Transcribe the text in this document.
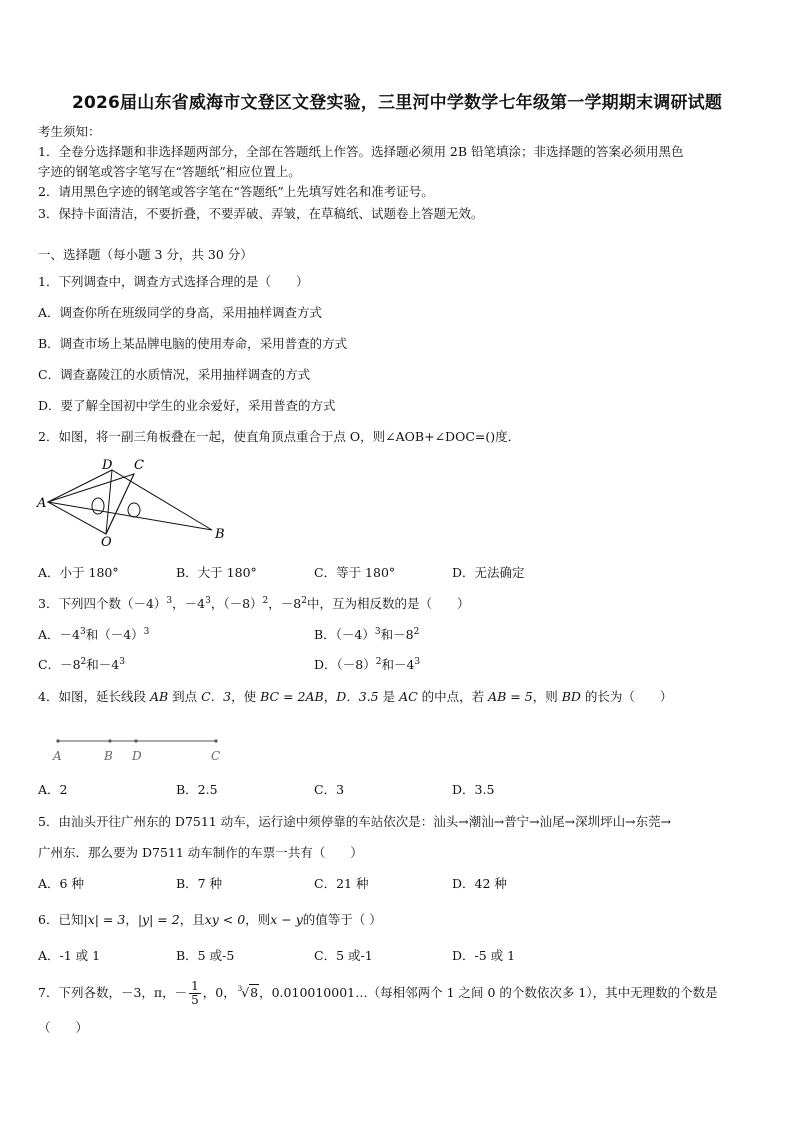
2026届山东省威海市文登区文登实验，三里河中学数学七年级第一学期期末调研试题
考生须知：
1．全卷分选择题和非选择题两部分，全部在答题纸上作答。选择题必须用 2B 铅笔填涂；非选择题的答案必须用黑色
字迹的钢笔或答字笔写在“答题纸”相应位置上。
2．请用黑色字迹的钢笔或答字笔在“答题纸”上先填写姓名和准考证号。
3．保持卡面清洁，不要折叠，不要弄破、弄皱，在草稿纸、试题卷上答题无效。
一、选择题（每小题 3 分，共 30 分）
1．下列调查中，调查方式选择合理的是（　　）
A．调查你所在班级同学的身高，采用抽样调查方式
B．调查市场上某品牌电脑的使用寿命，采用普查的方式
C．调查嘉陵江的水质情况，采用抽样调查的方式
D．要了解全国初中学生的业余爱好，采用普查的方式
2．如图，将一副三角板叠在一起，使直角顶点重合于点 O，则∠AOB+∠DOC=()度．
D C
A
O
B
A．小于 180°	B．大于 180°	C．等于 180°	D．无法确定
3．下列四个数$(-4)^3$，$-4^3$，$(-8)^2$，$-8^2$中，互为相反数的是（　　）
A．$-4^3$和$(-4)^3$	B．$(-4)^3$和$-8^2$
C．$-8^2$和$-4^3$	D．$(-8)^2$和$-4^3$
4．如图，延长线段 AB 到点 C．3，使 BC = 2AB，D．3.5 是 AC 的中点，若 AB = 5，则 BD 的长为（　　）
A	B D	C
A．2	B．2.5	C．3	D．3.5
5．由汕头开往广州东的 D7511 动车，运行途中须停靠的车站依次是：汕头→潮汕→普宁→汕尾→深圳坪山→东莞→
广州东．那么要为 D7511 动车制作的车票一共有（　　）
A．6 种	B．7 种	C．21 种	D．42 种
6．已知|x| = 3，|y| = 2，且xy < 0，则x − y的值等于（ ）
A．-1 或 1	B．5 或-5	C．5 或-1	D．-5 或 1
7．下列各数，－3，π，－ $\frac{1}{5}$ ，0， $^3$√8，0.010010001…（每相邻两个 1 之间 0 的个数依次多 1），其中无理数的个数是
（　　）
